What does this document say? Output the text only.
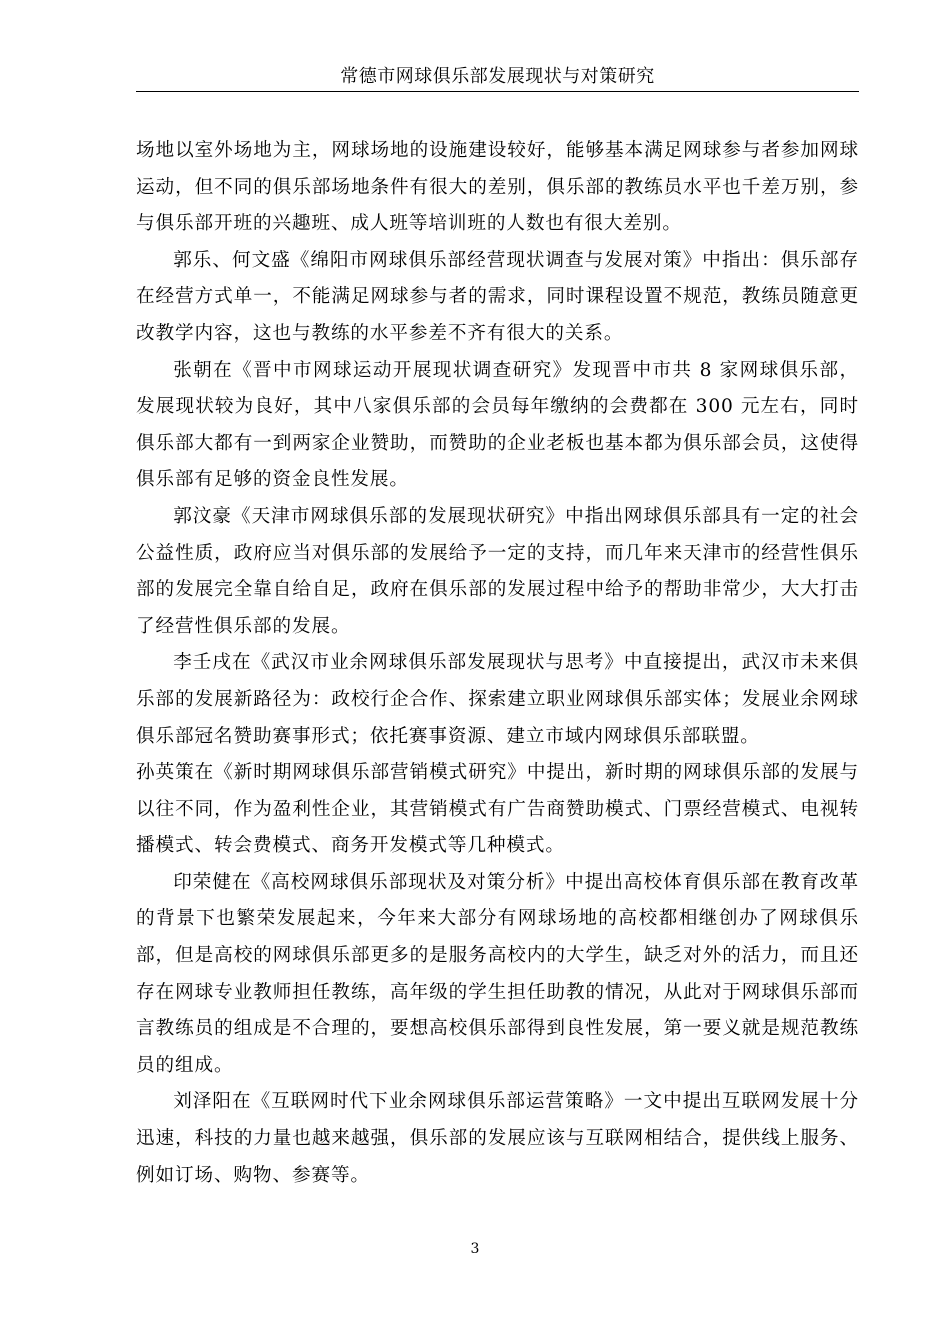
常德市网球俱乐部发展现状与对策研究

场地以室外场地为主，网球场地的设施建设较好，能够基本满足网球参与者参加网球运动，但不同的俱乐部场地条件有很大的差别，俱乐部的教练员水平也千差万别，参与俱乐部开班的兴趣班、成人班等培训班的人数也有很大差别。

郭乐、何文盛《绵阳市网球俱乐部经营现状调查与发展对策》中指出：俱乐部存在经营方式单一，不能满足网球参与者的需求，同时课程设置不规范，教练员随意更改教学内容，这也与教练的水平参差不齐有很大的关系。

张朝在《晋中市网球运动开展现状调查研究》发现晋中市共 8 家网球俱乐部，发展现状较为良好，其中八家俱乐部的会员每年缴纳的会费都在 300 元左右，同时俱乐部大都有一到两家企业赞助，而赞助的企业老板也基本都为俱乐部会员，这使得俱乐部有足够的资金良性发展。

郭汶豪《天津市网球俱乐部的发展现状研究》中指出网球俱乐部具有一定的社会公益性质，政府应当对俱乐部的发展给予一定的支持，而几年来天津市的经营性俱乐部的发展完全靠自给自足，政府在俱乐部的发展过程中给予的帮助非常少，大大打击了经营性俱乐部的发展。

李壬戌在《武汉市业余网球俱乐部发展现状与思考》中直接提出，武汉市未来俱乐部的发展新路径为：政校行企合作、探索建立职业网球俱乐部实体；发展业余网球俱乐部冠名赞助赛事形式；依托赛事资源、建立市域内网球俱乐部联盟。

孙英策在《新时期网球俱乐部营销模式研究》中提出，新时期的网球俱乐部的发展与以往不同，作为盈利性企业，其营销模式有广告商赞助模式、门票经营模式、电视转播模式、转会费模式、商务开发模式等几种模式。

印荣健在《高校网球俱乐部现状及对策分析》中提出高校体育俱乐部在教育改革的背景下也繁荣发展起来，今年来大部分有网球场地的高校都相继创办了网球俱乐部，但是高校的网球俱乐部更多的是服务高校内的大学生，缺乏对外的活力，而且还存在网球专业教师担任教练，高年级的学生担任助教的情况，从此对于网球俱乐部而言教练员的组成是不合理的，要想高校俱乐部得到良性发展，第一要义就是规范教练员的组成。

刘泽阳在《互联网时代下业余网球俱乐部运营策略》一文中提出互联网发展十分迅速，科技的力量也越来越强，俱乐部的发展应该与互联网相结合，提供线上服务、例如订场、购物、参赛等。

3
